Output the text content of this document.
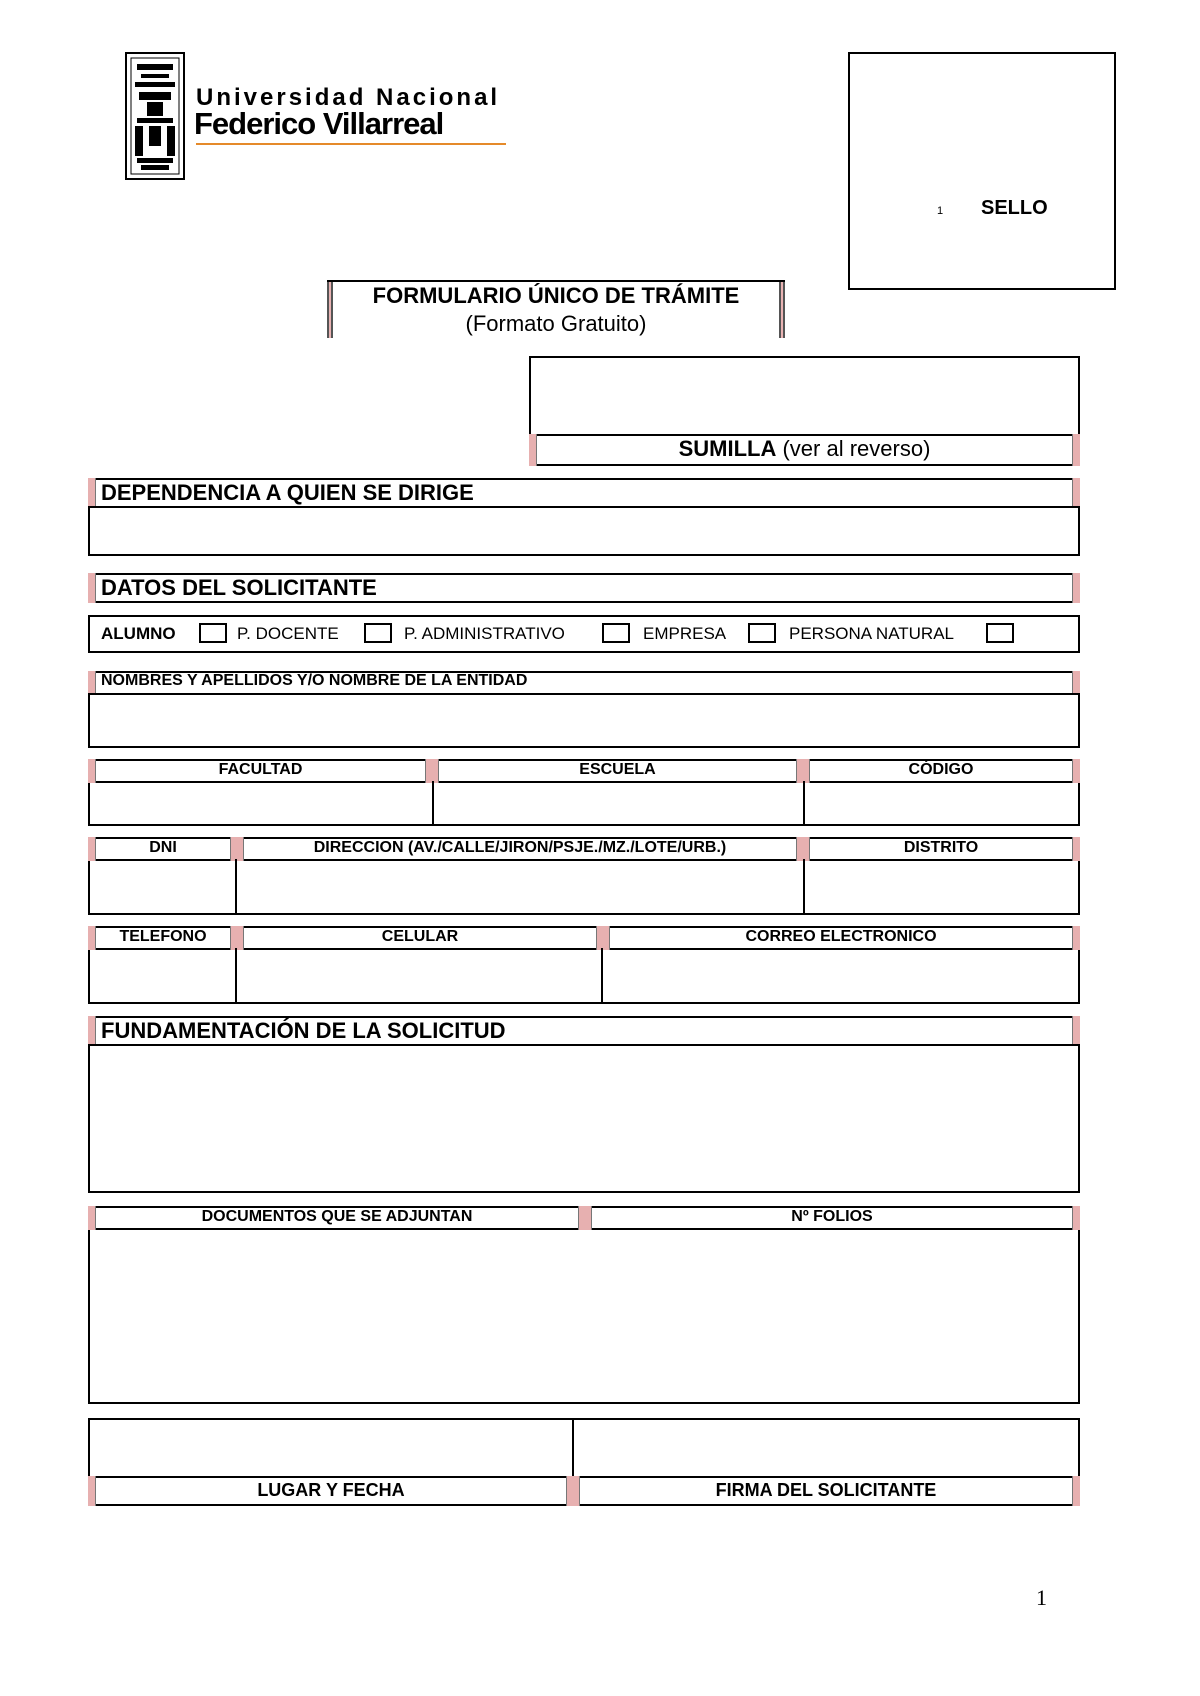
Universidad Nacional
Federico Villarreal
1 SELLO
FORMULARIO ÚNICO DE TRÁMITE
(Formato Gratuito)
SUMILLA (ver al reverso)
DEPENDENCIA A QUIEN SE DIRIGE
DATOS DEL SOLICITANTE
ALUMNO	P. DOCENTE	P. ADMINISTRATIVO	EMPRESA	PERSONA NATURAL
NOMBRES Y APELLIDOS Y/O NOMBRE DE LA ENTIDAD
FACULTAD	ESCUELA	CÓDIGO
DNI	DIRECCION (AV./CALLE/JIRON/PSJE./MZ./LOTE/URB.)	DISTRITO
TELEFONO	CELULAR	CORREO ELECTRONICO
FUNDAMENTACIÓN DE LA SOLICITUD
DOCUMENTOS QUE SE ADJUNTAN	Nº FOLIOS
LUGAR Y FECHA	FIRMA DEL SOLICITANTE
1
